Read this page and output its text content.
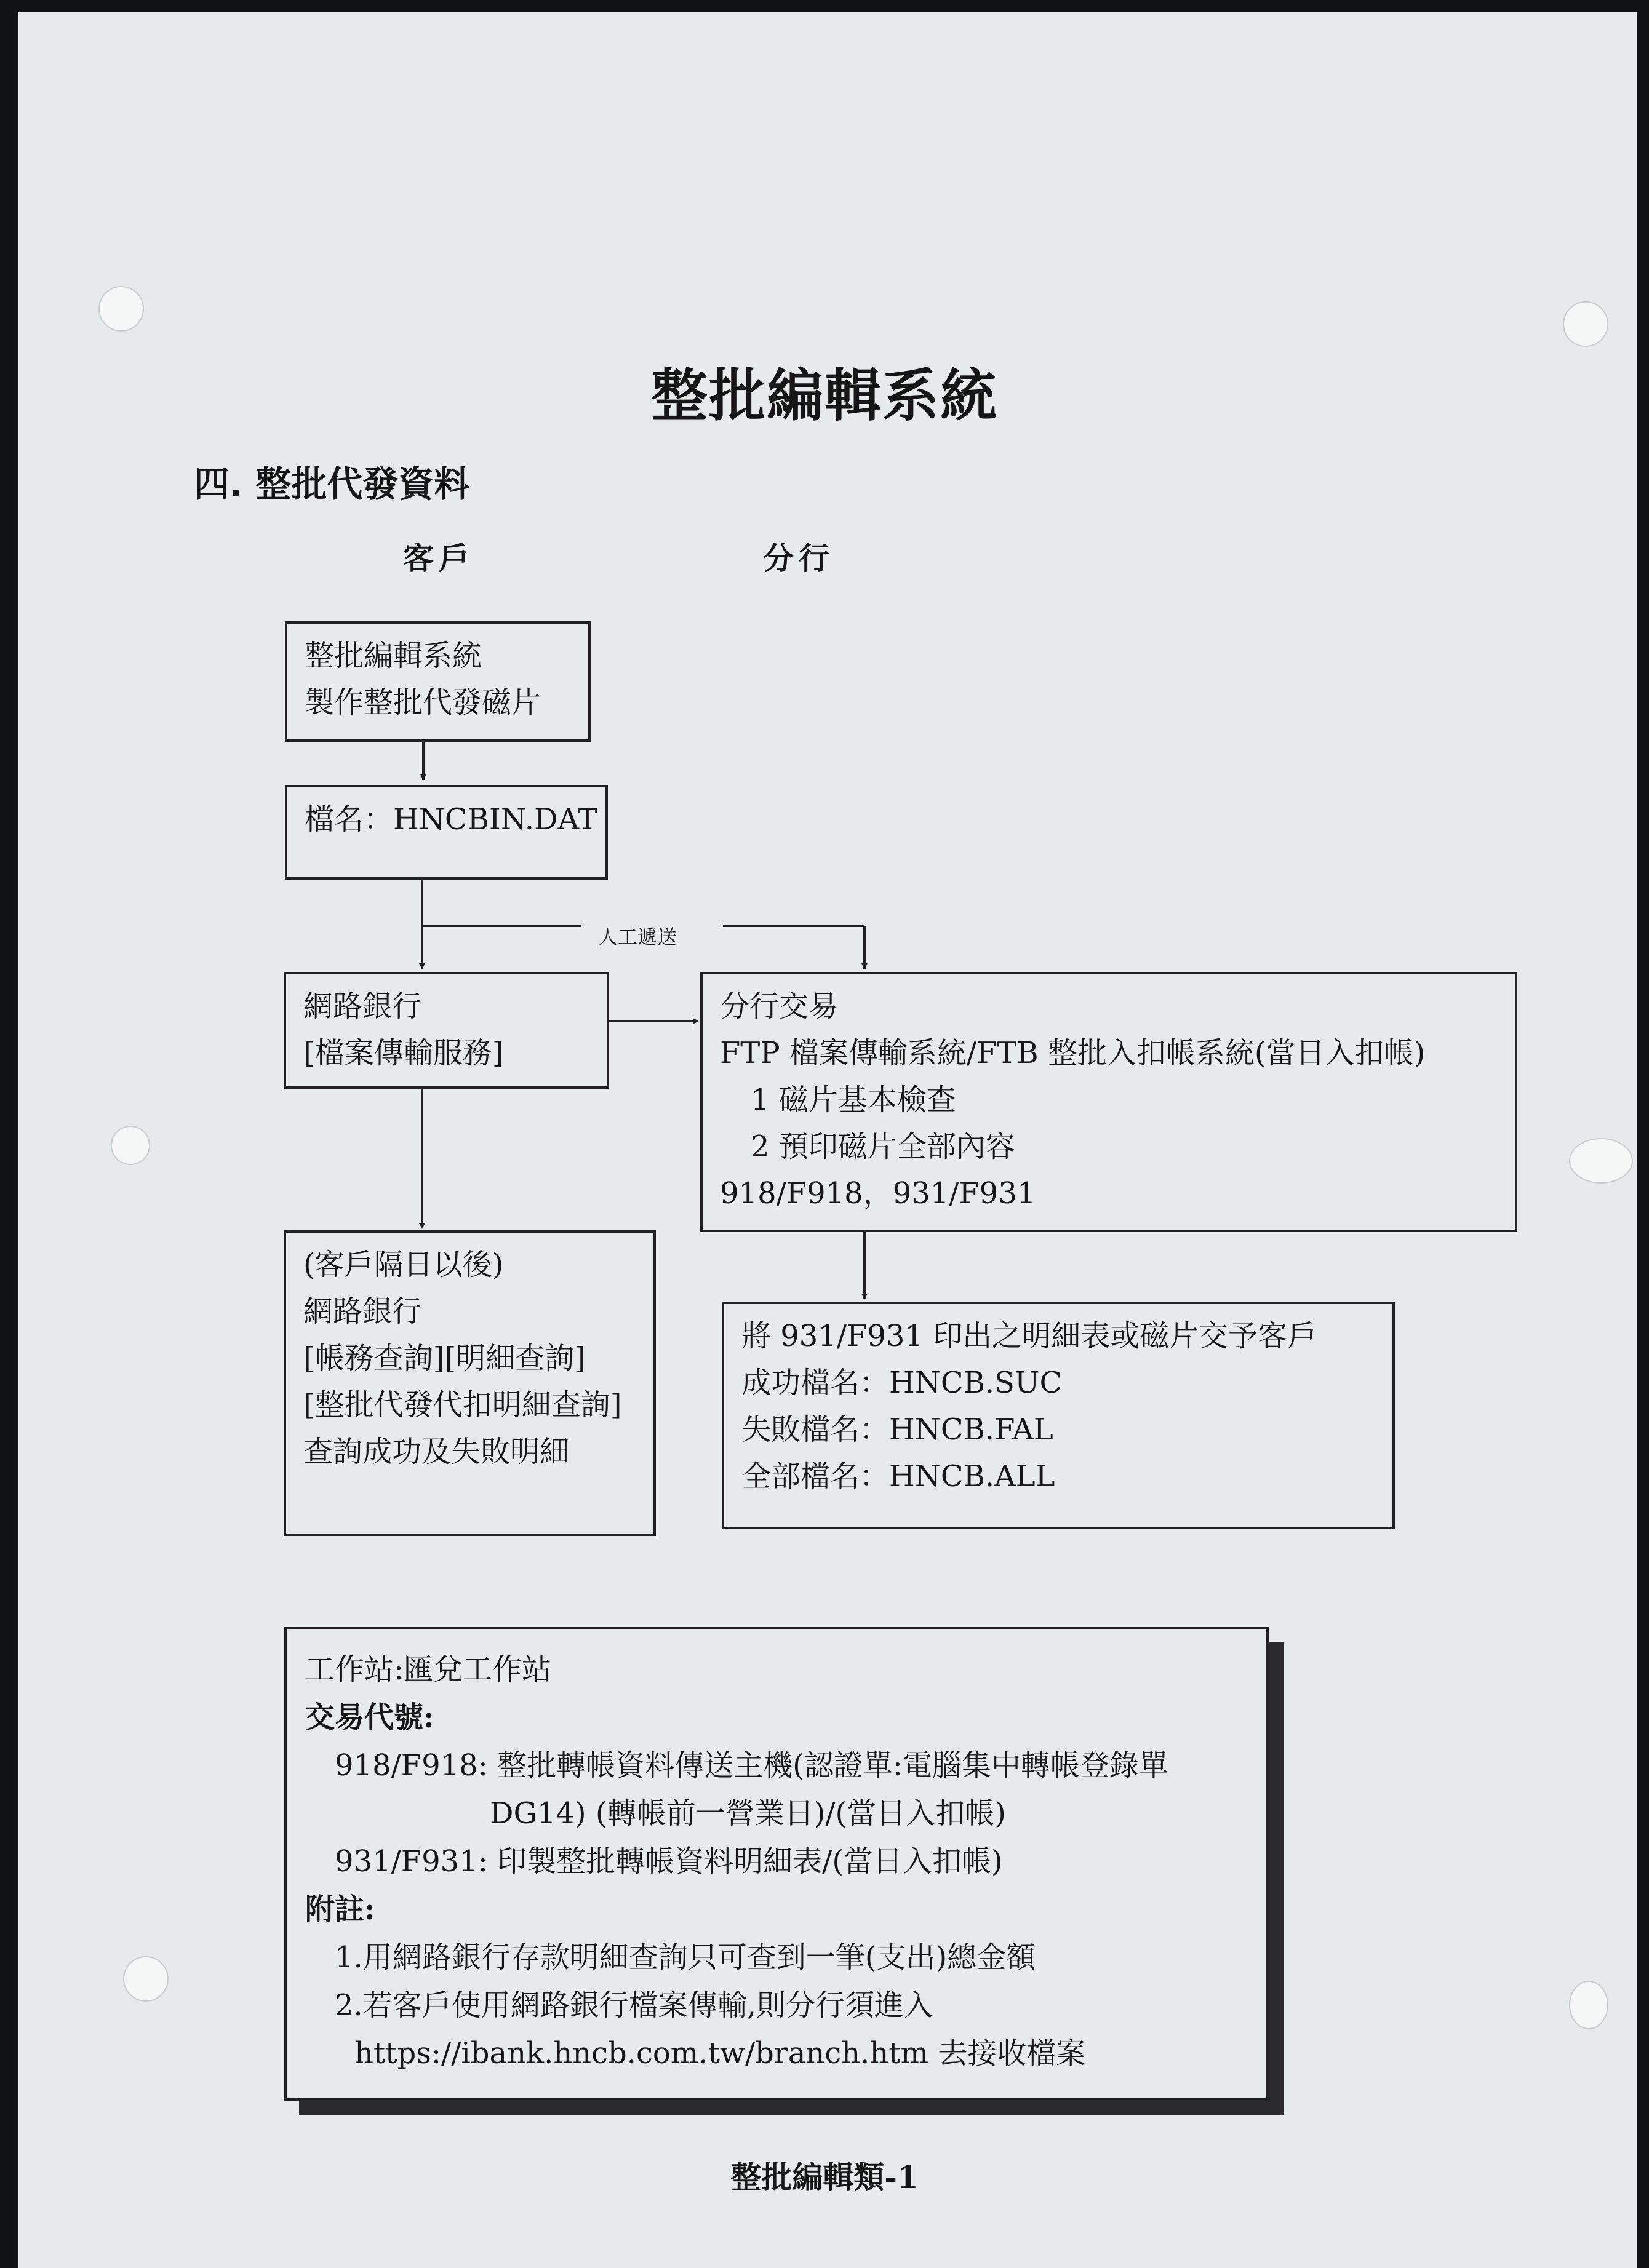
整批編輯系統
四. 整批代發資料
客戶	分行
人工遞送
整批編輯系統
製作整批代發磁片
檔名：HNCBIN.DAT
網路銀行
[檔案傳輸服務]
分行交易
FTP 檔案傳輸系統/FTB 整批入扣帳系統(當日入扣帳)
1 磁片基本檢查
2 預印磁片全部內容
918/F918，931/F931
(客戶隔日以後)
網路銀行
[帳務查詢][明細查詢]
[整批代發代扣明細查詢]
查詢成功及失敗明細
將 931/F931 印出之明細表或磁片交予客戶
成功檔名：HNCB.SUC
失敗檔名：HNCB.FAL
全部檔名：HNCB.ALL
工作站:匯兌工作站
交易代號:
918/F918: 整批轉帳資料傳送主機(認證單:電腦集中轉帳登錄單
DG14) (轉帳前一營業日)/(當日入扣帳)
931/F931: 印製整批轉帳資料明細表/(當日入扣帳)
附註:
1.用網路銀行存款明細查詢只可查到一筆(支出)總金額
2.若客戶使用網路銀行檔案傳輸,則分行須進入
https://ibank.hncb.com.tw/branch.htm 去接收檔案
整批編輯類-1
